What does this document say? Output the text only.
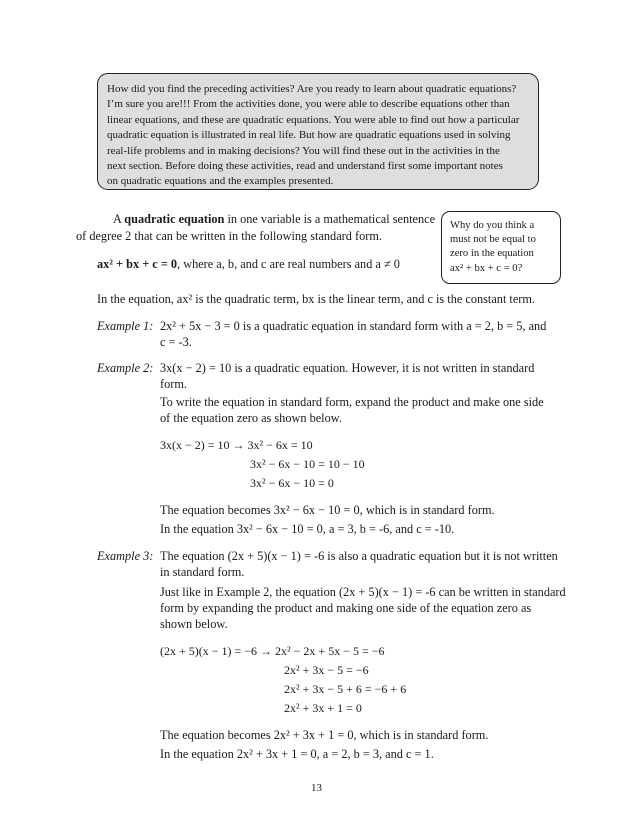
How did you find the preceding activities? Are you ready to learn about quadratic equations?
I’m sure you are!!! From the activities done, you were able to describe equations other than
linear equations, and these are quadratic equations. You were able to find out how a particular
quadratic equation is illustrated in real life. But how are quadratic equations used in solving
real-life problems and in making decisions? You will find these out in the activities in the
next section. Before doing these activities, read and understand first some important notes
on quadratic equations and the examples presented.
Why do you think a
must not be equal to
zero in the equation
ax² + bx + c = 0?
A quadratic equation in one variable is a mathematical sentence
of degree 2 that can be written in the following standard form.
ax² + bx + c = 0, where a, b, and c are real numbers and a ≠ 0
In the equation, ax² is the quadratic term, bx is the linear term, and c is the constant term.
Example 1: 2x² + 5x − 3 = 0 is a quadratic equation in standard form with a = 2, b = 5, and
c = -3.
Example 2: 3x(x − 2) = 10 is a quadratic equation. However, it is not written in standard
form.
To write the equation in standard form, expand the product and make one side
of the equation zero as shown below.
3x(x − 2) = 10 → 3x² − 6x = 10
3x² − 6x − 10 = 10 − 10
3x² − 6x − 10 = 0
The equation becomes 3x² − 6x − 10 = 0, which is in standard form.
In the equation 3x² − 6x − 10 = 0, a = 3, b = -6, and c = -10.
Example 3: The equation (2x + 5)(x − 1) = -6 is also a quadratic equation but it is not written
in standard form.
Just like in Example 2, the equation (2x + 5)(x − 1) = -6 can be written in standard
form by expanding the product and making one side of the equation zero as
shown below.
(2x + 5)(x − 1) = −6 → 2x² − 2x + 5x − 5 = −6
2x² + 3x − 5 = −6
2x² + 3x − 5 + 6 = −6 + 6
2x² + 3x + 1 = 0
The equation becomes 2x² + 3x + 1 = 0, which is in standard form.
In the equation 2x² + 3x + 1 = 0, a = 2, b = 3, and c = 1.
13
